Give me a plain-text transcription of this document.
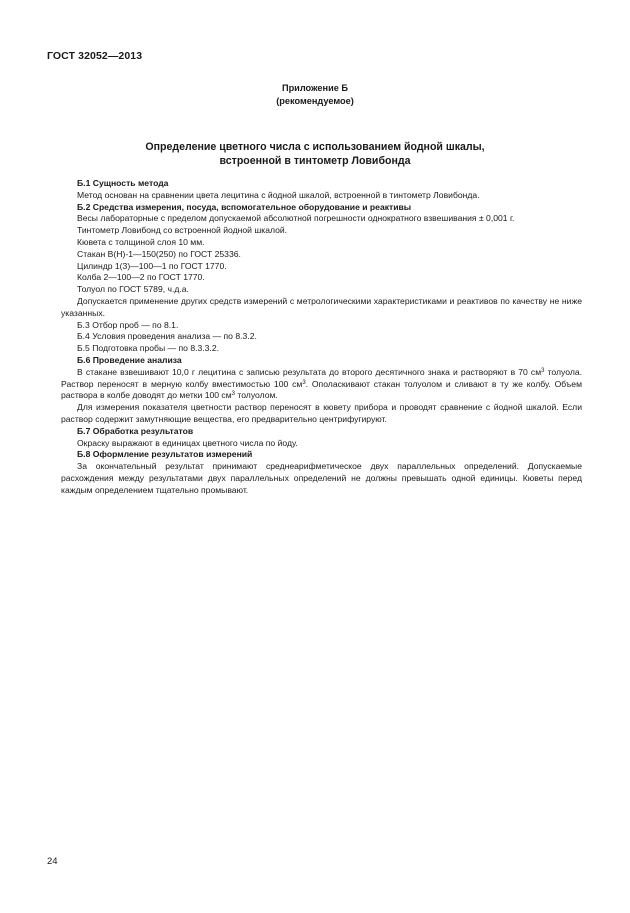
ГОСТ 32052—2013
Приложение Б
(рекомендуемое)
Определение цветного числа с использованием йодной шкалы,
встроенной в тинтометр Ловибонда

Б.1 Сущность метода

Метод основан на сравнении цвета лецитина с йодной шкалой, встроенной в тинтометр Ловибонда.

Б.2 Средства измерения, посуда, вспомогательное оборудование и реактивы

Весы лабораторные с пределом допускаемой абсолютной погрешности однократного взвешивания ± 0,001 г.

Тинтометр Ловибонд со встроенной йодной шкалой.

Кювета с толщиной слоя 10 мм.

Стакан В(Н)-1—150(250) по ГОСТ 25336.

Цилиндр 1(3)—100—1 по ГОСТ 1770.

Колба 2—100—2 по ГОСТ 1770.

Толуол по ГОСТ 5789, ч.д.а.

Допускается применение других средств измерений с метрологическими характеристиками и реактивов по качеству не ниже указанных.

Б.3 Отбор проб — по 8.1.

Б.4 Условия проведения анализа — по 8.3.2.

Б.5 Подготовка пробы — по 8.3.3.2.

Б.6 Проведение анализа

В стакане взвешивают 10,0 г лецитина с записью результата до второго десятичного знака и растворяют в 70 $см^3$ толуола. Раствор переносят в мерную колбу вместимостью 100 $см^3$. Ополаскивают стакан толуолом и сливают в ту же колбу. Объем раствора в колбе доводят до метки 100 $см^3$ толуолом.

Для измерения показателя цветности раствор переносят в кювету прибора и проводят сравнение с йодной шкалой. Если раствор содержит замутняющие вещества, его предварительно центрифугируют.

Б.7 Обработка результатов

Окраску выражают в единицах цветного числа по йоду.

Б.8 Оформление результатов измерений

За окончательный результат принимают среднеарифметическое двух параллельных определений. Допускаемые расхождения между результатами двух параллельных определений не должны превышать одной единицы. Кюветы перед каждым определением тщательно промывают.

24
